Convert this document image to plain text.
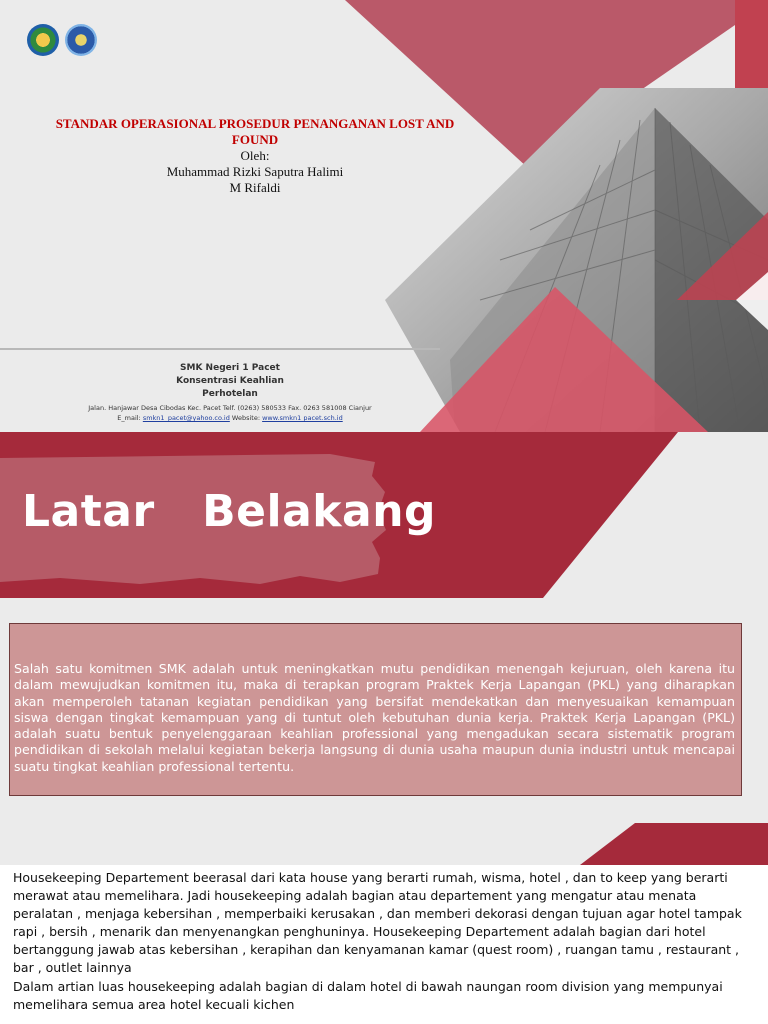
STANDAR OPERASIONAL PROSEDUR PENANGANAN LOST AND FOUND
Oleh:
Muhammad Rizki Saputra Halimi
M Rifaldi
SMK Negeri 1 Pacet
Konsentrasi Keahlian
Perhotelan
Jalan. Hanjawar Desa Cibodas Kec. Pacet Telf. (0263) 580533 Fax. 0263 581008 Cianjur E_mail: smkn1_pacet@yahoo.co.id Website: www.smkn1 pacet.sch.id
Latar   Belakang

Salah satu komitmen SMK adalah untuk meningkatkan mutu pendidikan menengah kejuruan, oleh karena itu dalam mewujudkan komitmen itu, maka di terapkan program Praktek Kerja Lapangan (PKL) yang diharapkan akan memperoleh tatanan kegiatan pendidikan yang bersifat mendekatkan dan menyesuaikan kemampuan siswa dengan tingkat kemampuan yang di tuntut oleh kebutuhan dunia kerja. Praktek Kerja Lapangan (PKL) adalah suatu bentuk penyelenggaraan keahlian professional yang mengadukan secara sistematik program pendidikan di sekolah melalui kegiatan bekerja langsung di dunia usaha maupun dunia industri untuk mencapai suatu tingkat keahlian professional tertentu.

Housekeeping Departement beerasal dari kata house yang berarti rumah, wisma, hotel , dan to keep yang berarti merawat atau memelihara. Jadi housekeeping adalah bagian atau departement yang mengatur atau menata peralatan , menjaga kebersihan , memperbaiki kerusakan , dan memberi dekorasi dengan tujuan agar hotel tampak rapi , bersih , menarik dan menyenangkan penghuninya. Housekeeping Departement adalah bagian dari hotel bertanggung jawab atas kebersihan , kerapihan dan kenyamanan kamar (quest room) , ruangan tamu , restaurant , bar , outlet lainnya

Dalam artian luas housekeeping adalah bagian di dalam hotel di bawah naungan room division yang mempunyai memelihara semua area hotel kecuali kichen
